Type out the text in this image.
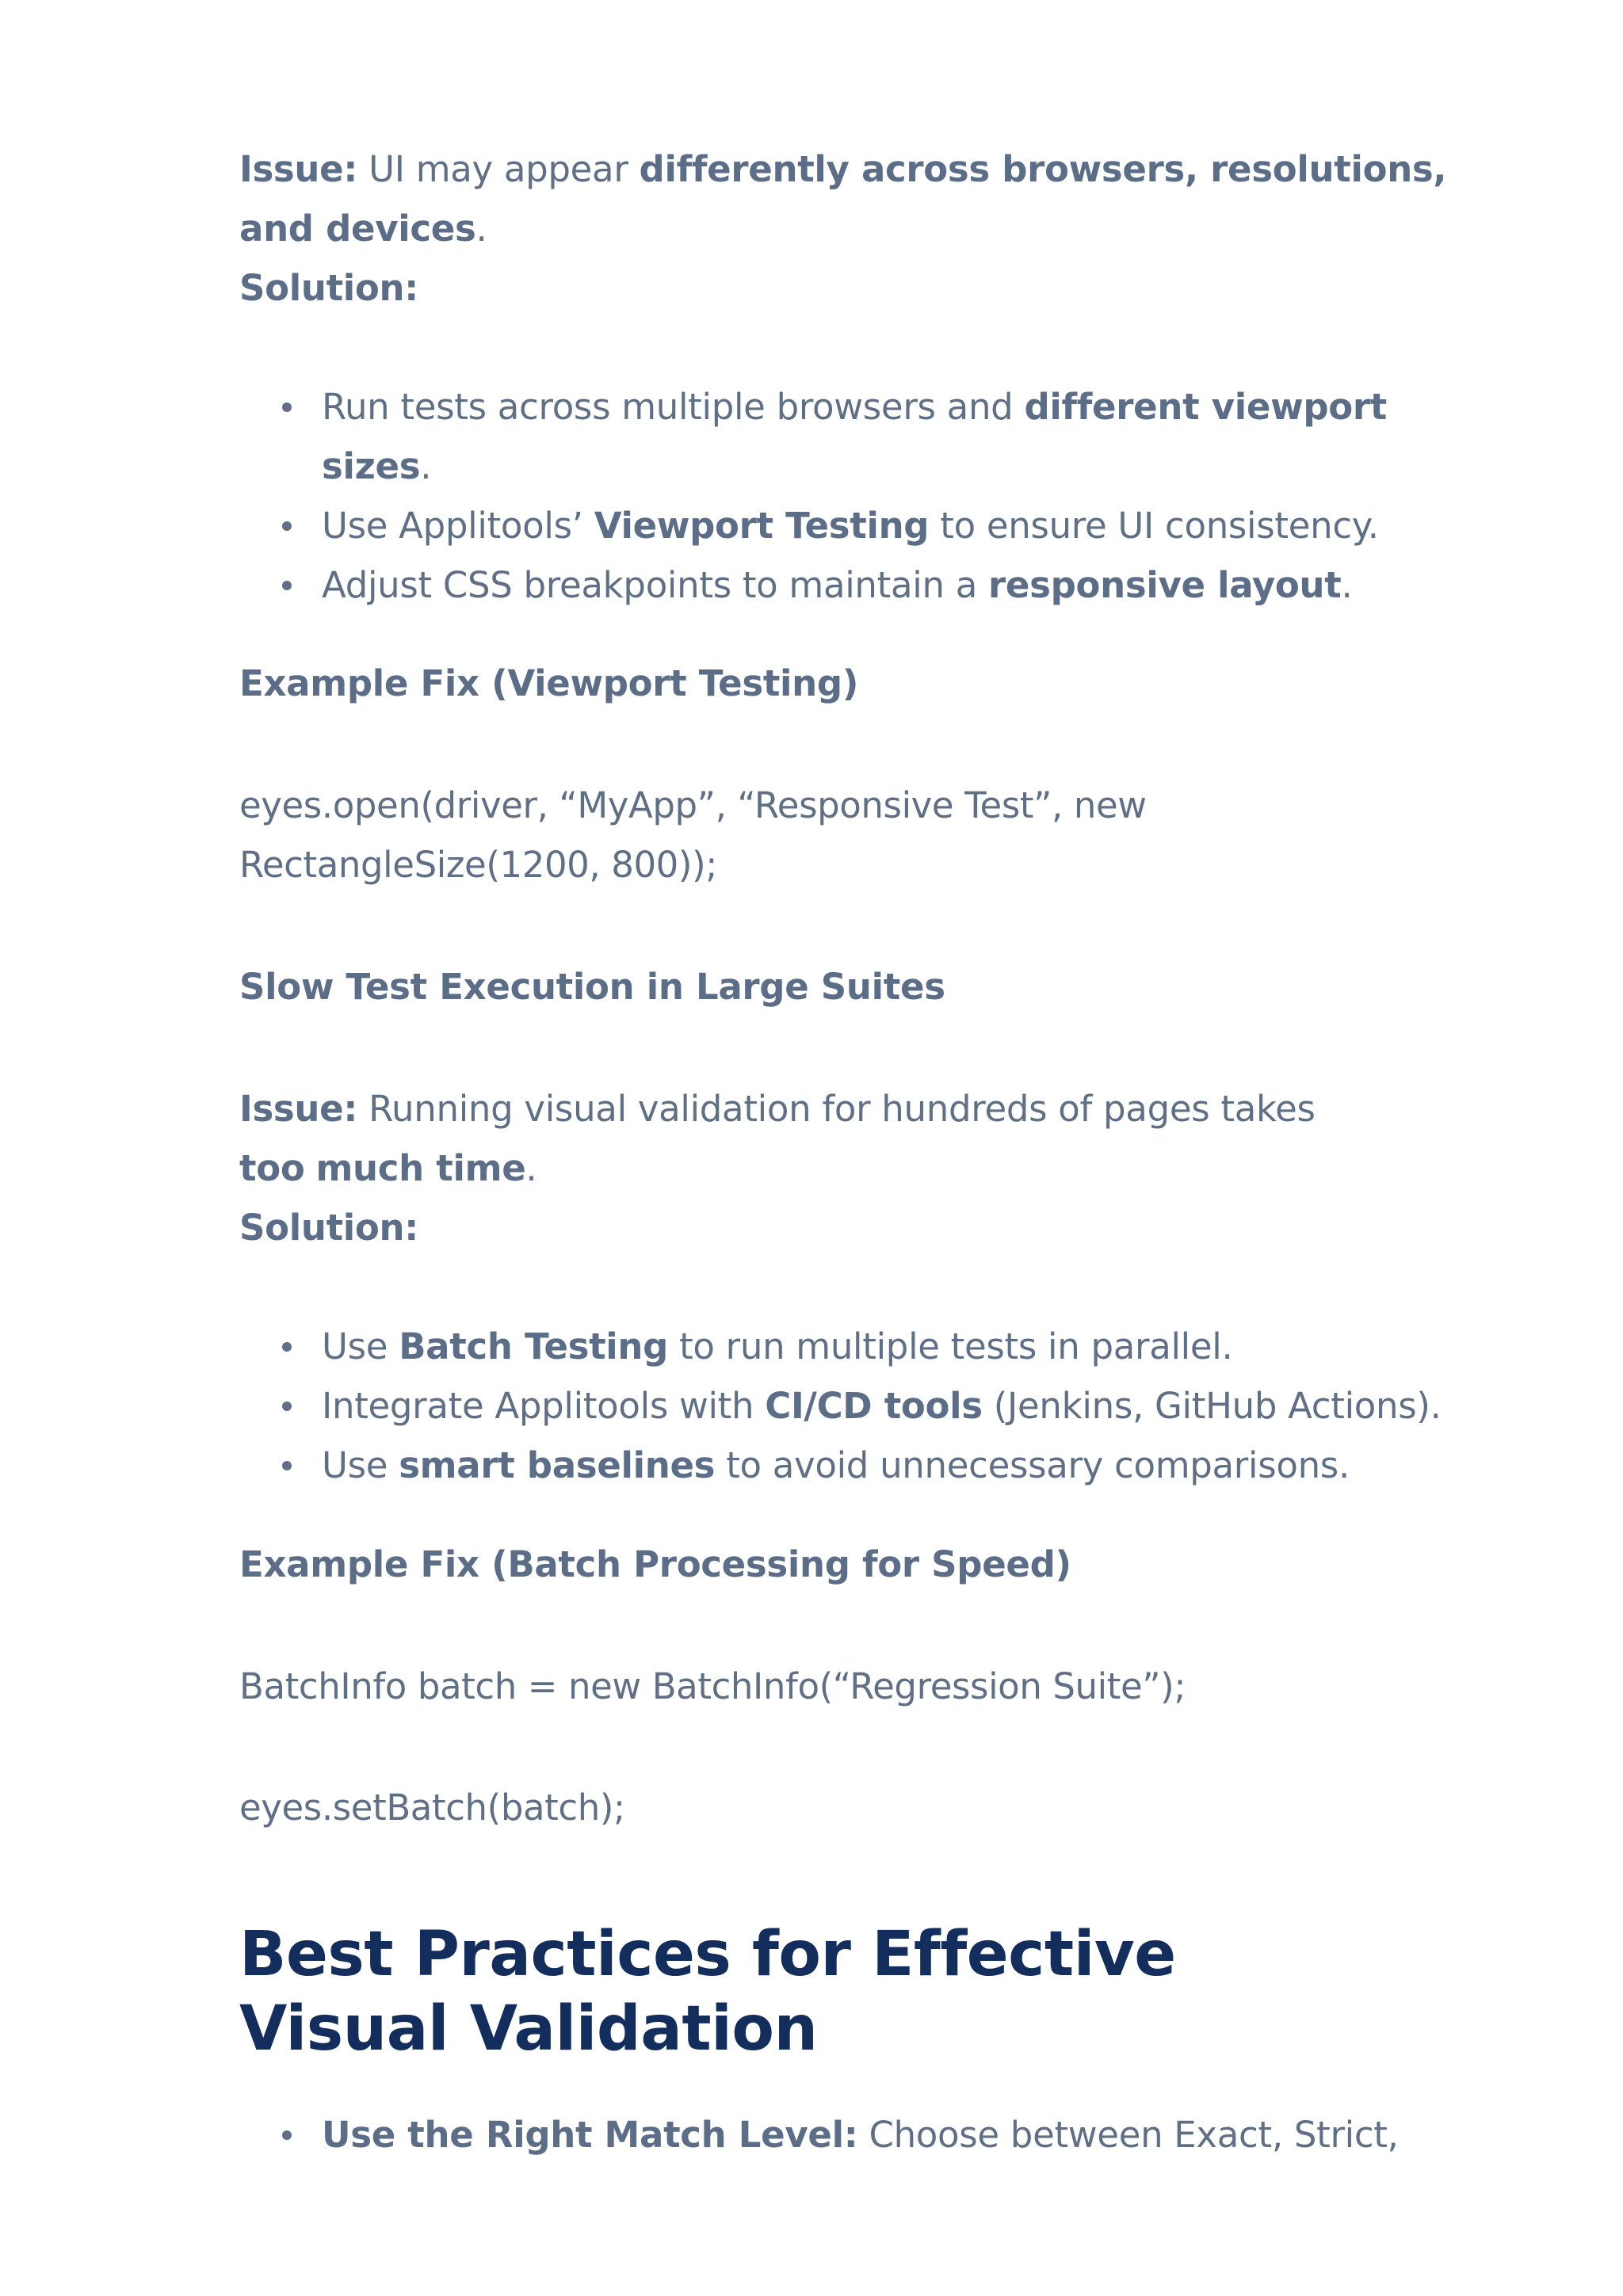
Issue: UI may appear differently across browsers, resolutions, and devices.
Solution:
Run tests across multiple browsers and different viewport sizes.
Use Applitools’ Viewport Testing to ensure UI consistency.
Adjust CSS breakpoints to maintain a responsive layout.
Example Fix (Viewport Testing)
eyes.open(driver, “MyApp”, “Responsive Test”, new
RectangleSize(1200, 800));
Slow Test Execution in Large Suites
Issue: Running visual validation for hundreds of pages takes too much time.
Solution:
Use Batch Testing to run multiple tests in parallel.
Integrate Applitools with CI/CD tools (Jenkins, GitHub Actions).
Use smart baselines to avoid unnecessary comparisons.
Example Fix (Batch Processing for Speed)
BatchInfo batch = new BatchInfo(“Regression Suite”);
eyes.setBatch(batch);
Best Practices for Effective Visual Validation
Use the Right Match Level: Choose between Exact, Strict,
